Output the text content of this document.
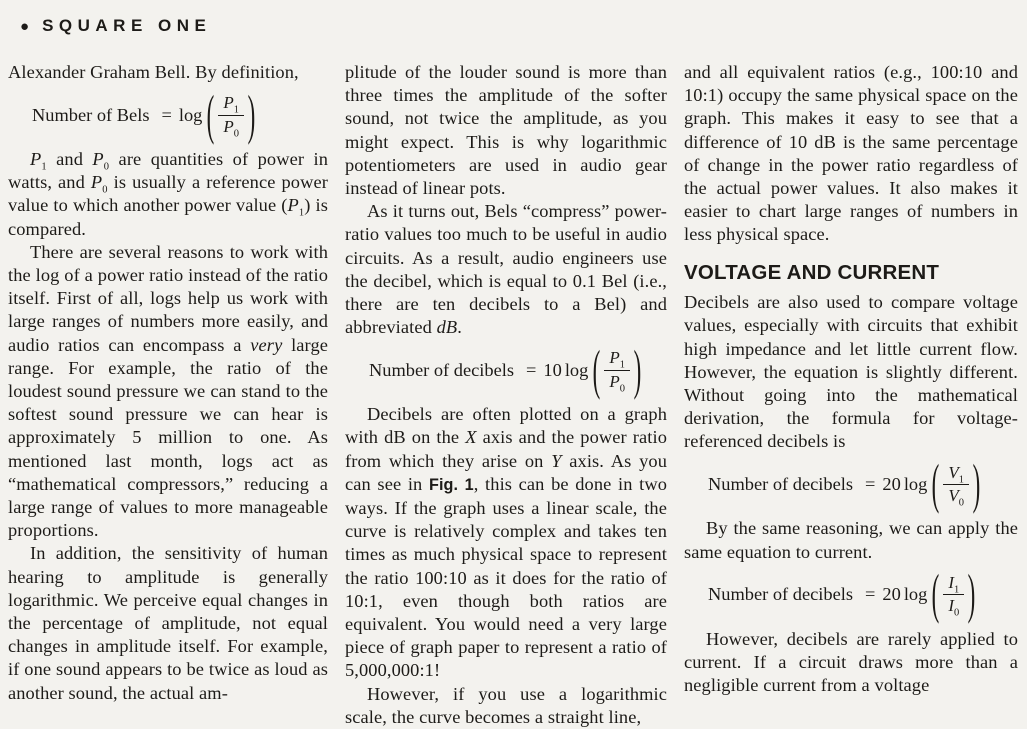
● SQUARE ONE

Alexander Graham Bell. By definition,

Number of Bels = log ( $\frac{P_1}{P_0}$ )

$P_1$ and $P_0$ are quantities of power in watts, and $P_0$ is usually a reference power value to which another power value $(P_1)$ is compared.

There are several reasons to work with the log of a power ratio instead of the ratio itself. First of all, logs help us work with large ranges of numbers more easily, and audio ratios can encompass a very large range. For example, the ratio of the loudest sound pressure we can stand to the softest sound pressure we can hear is approximately 5 million to one. As mentioned last month, logs act as “mathematical compressors,” reducing a large range of values to more manageable proportions.

In addition, the sensitivity of human hearing to amplitude is generally logarithmic. We perceive equal changes in the percentage of amplitude, not equal changes in amplitude itself. For example, if one sound appears to be twice as loud as another sound, the actual am-

plitude of the louder sound is more than three times the amplitude of the softer sound, not twice the amplitude, as you might expect. This is why logarithmic potentiometers are used in audio gear instead of linear pots.

As it turns out, Bels “compress” power-ratio values too much to be useful in audio circuits. As a result, audio engineers use the decibel, which is equal to 0.1 Bel (i.e., there are ten decibels to a Bel) and abbreviated dB.

Number of decibels = 10 log ( $\frac{P_1}{P_0}$ )

Decibels are often plotted on a graph with dB on the X axis and the power ratio from which they arise on Y axis. As you can see in Fig. 1, this can be done in two ways. If the graph uses a linear scale, the curve is relatively complex and takes ten times as much physical space to represent the ratio 100:10 as it does for the ratio of 10:1, even though both ratios are equivalent. You would need a very large piece of graph paper to represent a ratio of 5,000,000:1!

However, if you use a logarithmic scale, the curve becomes a straight line,

and all equivalent ratios (e.g., 100:10 and 10:1) occupy the same physical space on the graph. This makes it easy to see that a difference of 10 dB is the same percentage of change in the power ratio regardless of the actual power values. It also makes it easier to chart large ranges of numbers in less physical space.

VOLTAGE AND CURRENT

Decibels are also used to compare voltage values, especially with circuits that exhibit high impedance and let little current flow. However, the equation is slightly different. Without going into the mathematical derivation, the formula for voltage-referenced decibels is

Number of decibels = 20 log ( $\frac{V_1}{V_0}$ )

By the same reasoning, we can apply the same equation to current.

Number of decibels = 20 log ( $\frac{I_1}{I_0}$ )

However, decibels are rarely applied to current. If a circuit draws more than a negligible current from a voltage
